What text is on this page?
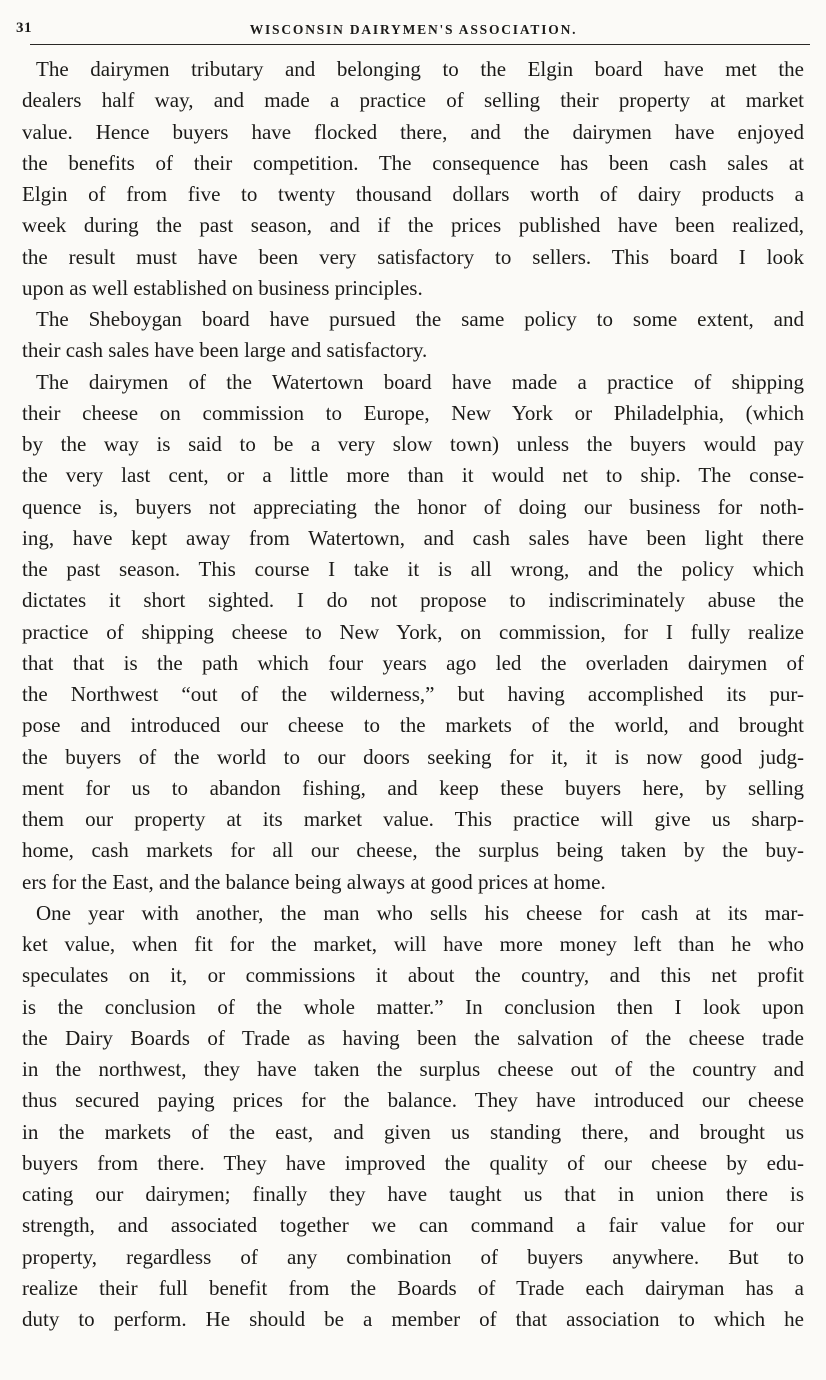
31	WISCONSIN DAIRYMEN'S ASSOCIATION.
The dairymen tributary and belonging to the Elgin board have met the
dealers half way, and made a practice of selling their property at market
value. Hence buyers have flocked there, and the dairymen have enjoyed
the benefits of their competition. The consequence has been cash sales at
Elgin of from five to twenty thousand dollars worth of dairy products a
week during the past season, and if the prices published have been realized,
the result must have been very satisfactory to sellers. This board I look
upon as well established on business principles.
The Sheboygan board have pursued the same policy to some extent, and
their cash sales have been large and satisfactory.
The dairymen of the Watertown board have made a practice of shipping
their cheese on commission to Europe, New York or Philadelphia, (which
by the way is said to be a very slow town) unless the buyers would pay
the very last cent, or a little more than it would net to ship. The conse-
quence is, buyers not appreciating the honor of doing our business for noth-
ing, have kept away from Watertown, and cash sales have been light there
the past season. This course I take it is all wrong, and the policy which
dictates it short sighted. I do not propose to indiscriminately abuse the
practice of shipping cheese to New York, on commission, for I fully realize
that that is the path which four years ago led the overladen dairymen of
the Northwest “out of the wilderness,” but having accomplished its pur-
pose and introduced our cheese to the markets of the world, and brought
the buyers of the world to our doors seeking for it, it is now good judg-
ment for us to abandon fishing, and keep these buyers here, by selling
them our property at its market value. This practice will give us sharp-
home, cash markets for all our cheese, the surplus being taken by the buy-
ers for the East, and the balance being always at good prices at home.
One year with another, the man who sells his cheese for cash at its mar-
ket value, when fit for the market, will have more money left than he who
speculates on it, or commissions it about the country, and this net profit
is the conclusion of the whole matter.” In conclusion then I look upon
the Dairy Boards of Trade as having been the salvation of the cheese trade
in the northwest, they have taken the surplus cheese out of the country and
thus secured paying prices for the balance. They have introduced our cheese
in the markets of the east, and given us standing there, and brought us
buyers from there. They have improved the quality of our cheese by edu-
cating our dairymen; finally they have taught us that in union there is
strength, and associated together we can command a fair value for our
property, regardless of any combination of buyers anywhere. But to
realize their full benefit from the Boards of Trade each dairyman has a
duty to perform. He should be a member of that association to which he
